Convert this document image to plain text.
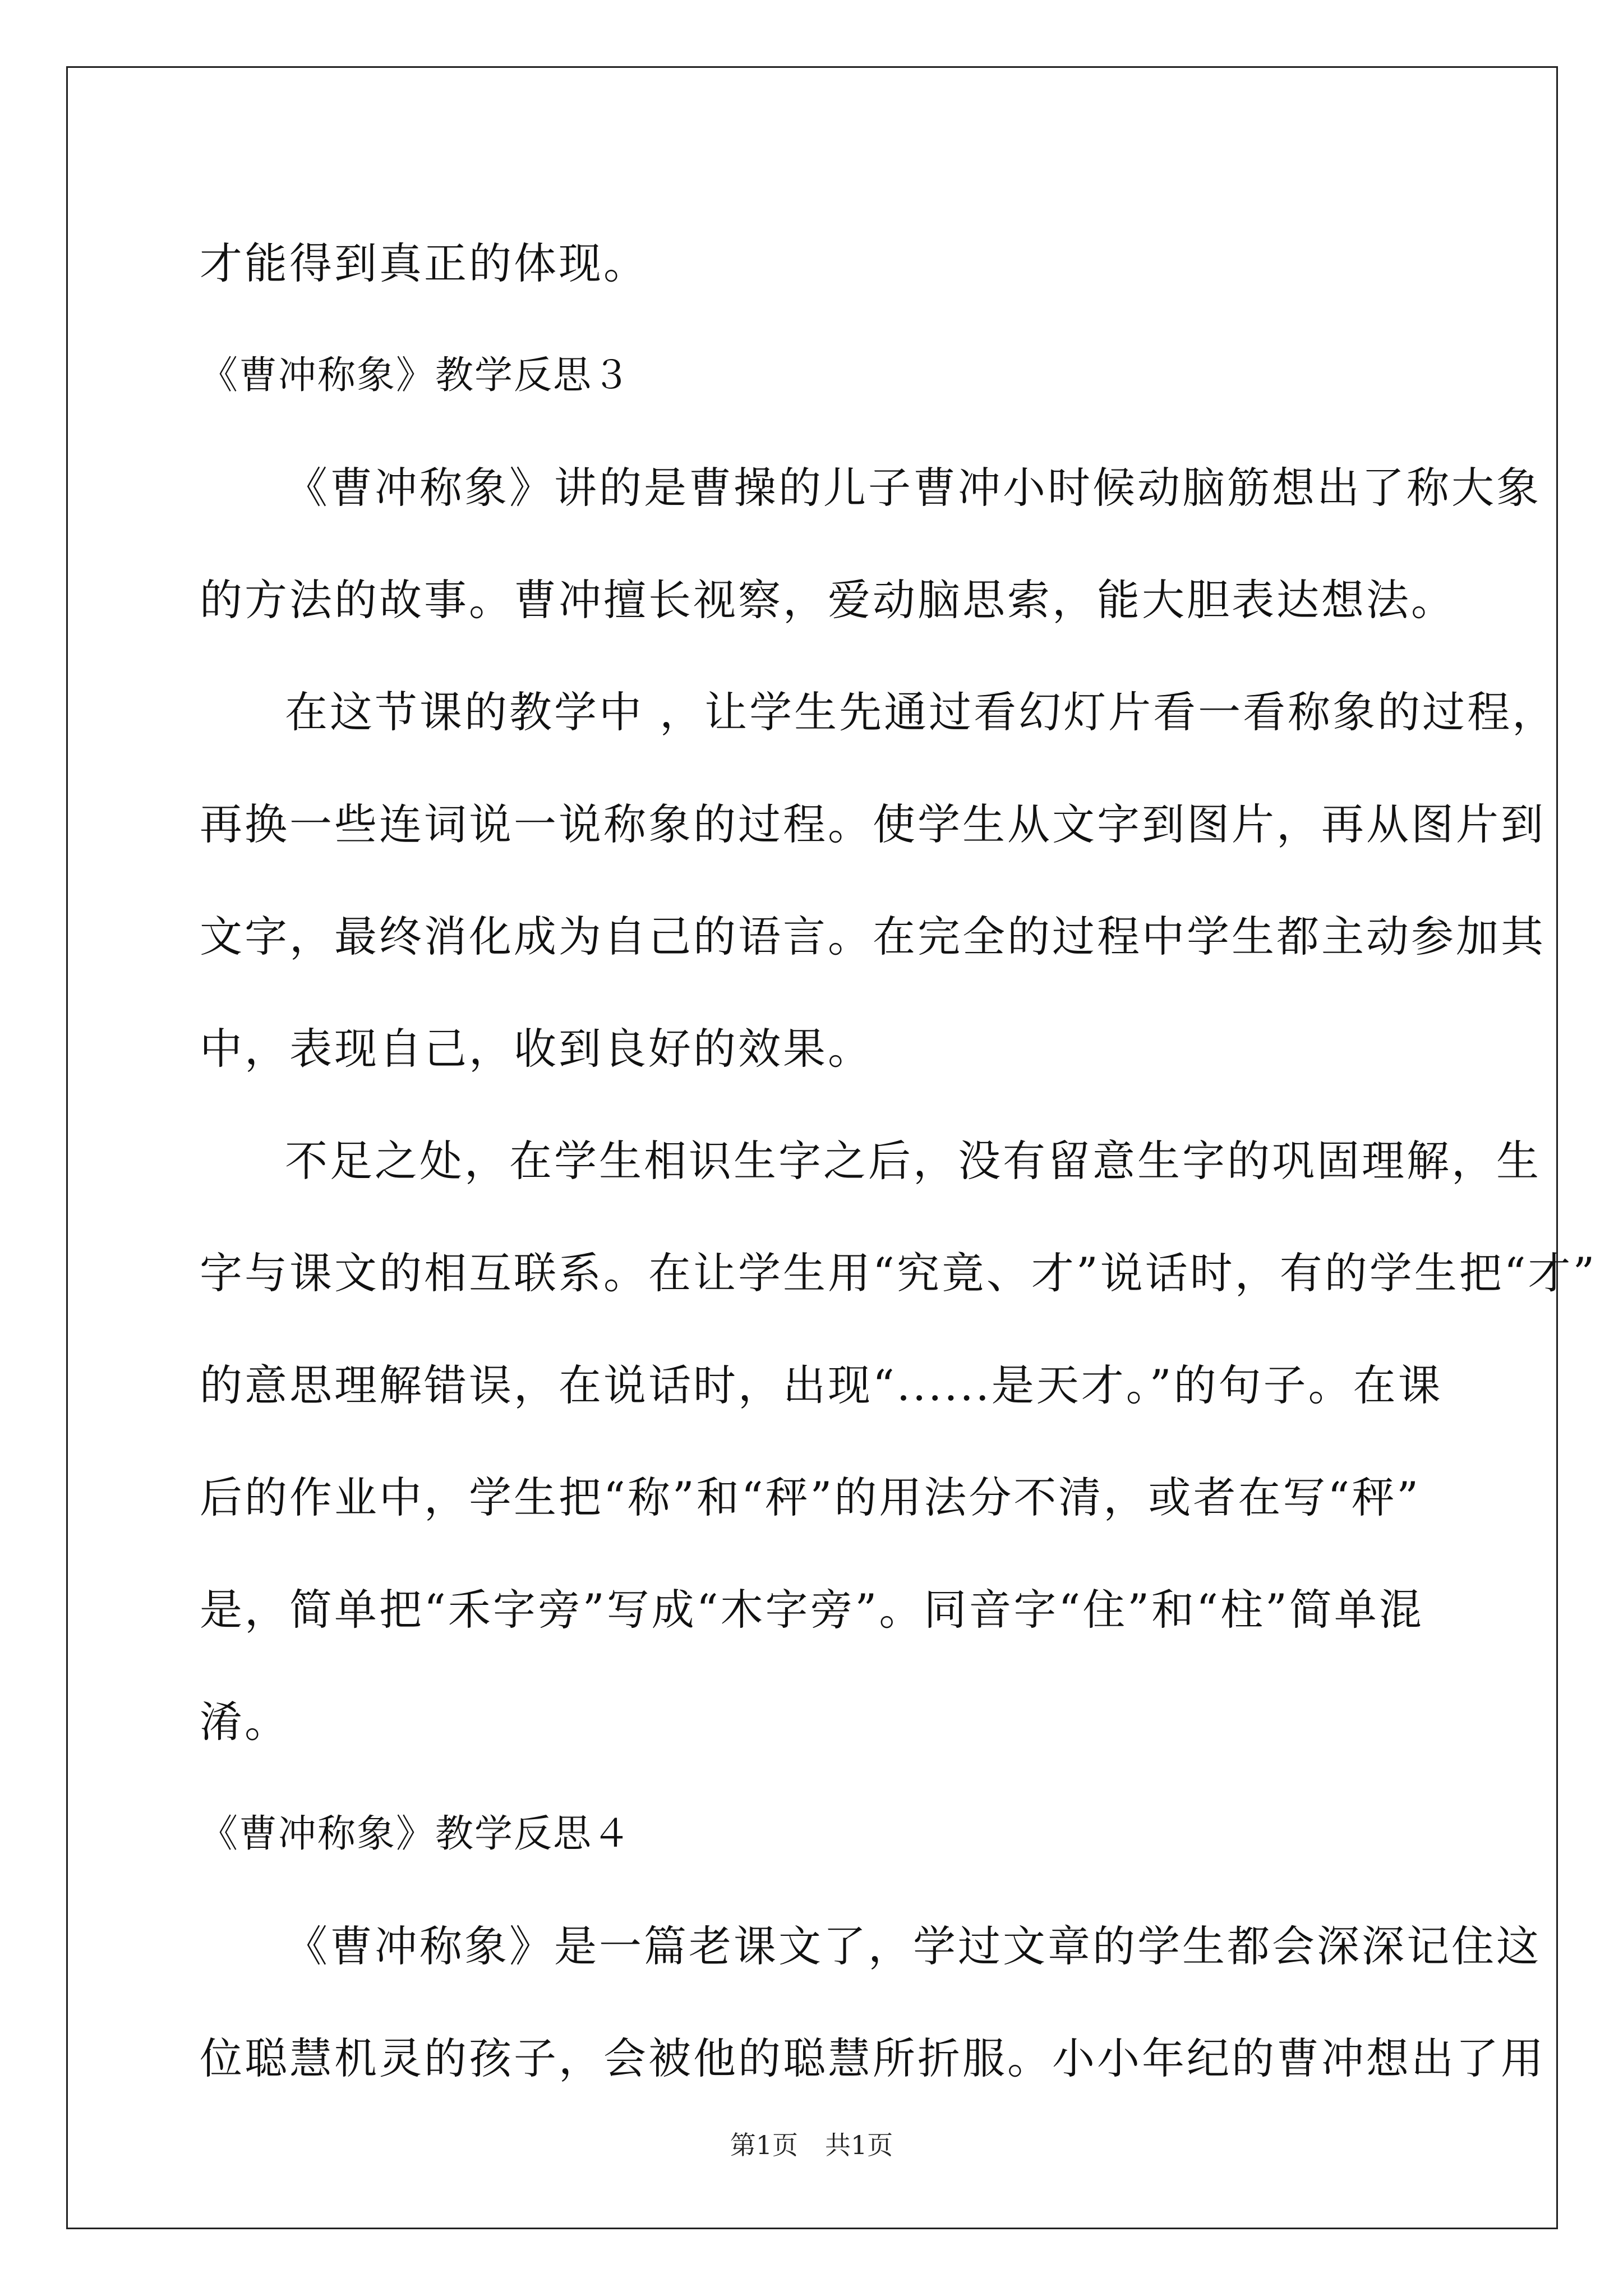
才能得到真正的体现。
《曹冲称象》教学反思３
《曹冲称象》讲的是曹操的儿子曹冲小时候动脑筋想出了称大象
的方法的故事。曹冲擅长视察，爱动脑思索，能大胆表达想法。
在这节课的教学中 ，让学生先通过看幻灯片看一看称象的过程，
再换一些连词说一说称象的过程。使学生从文字到图片，再从图片到
文字，最终消化成为自己的语言。在完全的过程中学生都主动参加其
中，表现自己，收到良好的效果。
不足之处，在学生相识生字之后，没有留意生字的巩固理解，生
字与课文的相互联系。在让学生用“究竟、才”说话时，有的学生把“才”
的意思理解错误，在说话时，出现“......是天才。”的句子。在课
后的作业中，学生把“称”和“秤”的用法分不清，或者在写“秤”
是，简单把“禾字旁”写成“木字旁”。同音字“住”和“柱”简单混
淆。
《曹冲称象》教学反思４
《曹冲称象》是一篇老课文了，学过文章的学生都会深深记住这
位聪慧机灵的孩子，会被他的聪慧所折服。小小年纪的曹冲想出了用
第1页 共1页
